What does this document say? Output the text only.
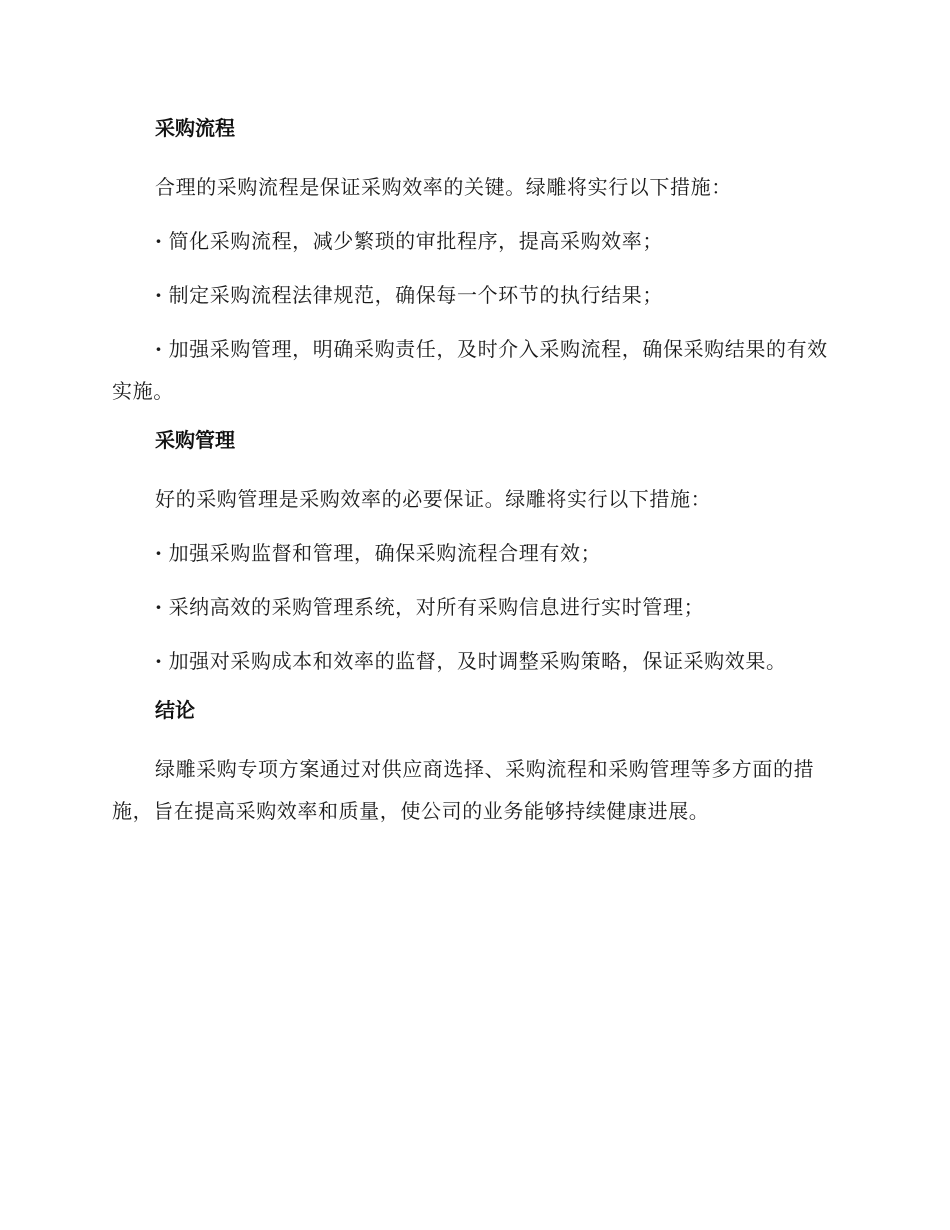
采购流程

合理的采购流程是保证采购效率的关键。绿雕将实行以下措施：

· 简化采购流程，减少繁琐的审批程序，提高采购效率；

· 制定采购流程法律规范，确保每一个环节的执行结果；

· 加强采购管理，明确采购责任，及时介入采购流程，确保采购结果的有效实施。

采购管理

好的采购管理是采购效率的必要保证。绿雕将实行以下措施：

· 加强采购监督和管理，确保采购流程合理有效；

· 采纳高效的采购管理系统，对所有采购信息进行实时管理；

· 加强对采购成本和效率的监督，及时调整采购策略，保证采购效果。

结论

绿雕采购专项方案通过对供应商选择、采购流程和采购管理等多方面的措施，旨在提高采购效率和质量，使公司的业务能够持续健康进展。
